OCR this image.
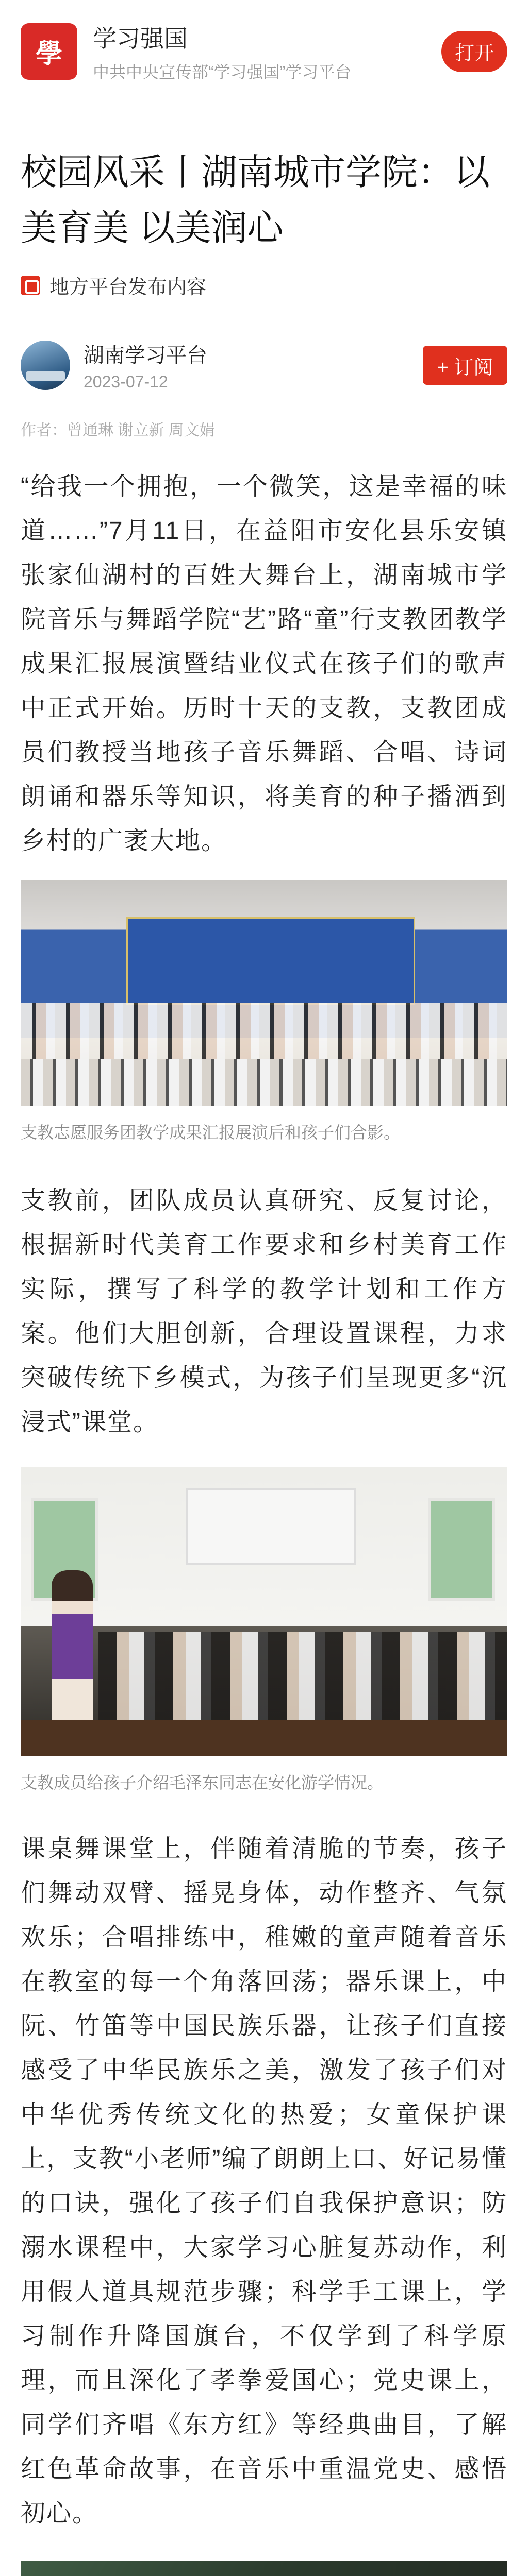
學
学习强国
中共中央宣传部“学习强国”学习平台
打开
校园风采丨湖南城市学院：以美育美 以美润心
地方平台发布内容
湖南学习平台
2023-07-12
+ 订阅
作者：曾通琳 谢立新 周文娟

“给我一个拥抱，一个微笑，这是幸福的味道……”7月11日，在益阳市安化县乐安镇张家仙湖村的百姓大舞台上，湖南城市学院音乐与舞蹈学院“艺”路“童”行支教团教学成果汇报展演暨结业仪式在孩子们的歌声中正式开始。历时十天的支教，支教团成员们教授当地孩子音乐舞蹈、合唱、诗词朗诵和器乐等知识，将美育的种子播洒到乡村的广袤大地。

支教志愿服务团教学成果汇报展演后和孩子们合影。

支教前，团队成员认真研究、反复讨论，根据新时代美育工作要求和乡村美育工作实际，撰写了科学的教学计划和工作方案。他们大胆创新，合理设置课程，力求突破传统下乡模式，为孩子们呈现更多“沉浸式”课堂。

支教成员给孩子介绍毛泽东同志在安化游学情况。

课桌舞课堂上，伴随着清脆的节奏，孩子们舞动双臂、摇晃身体，动作整齐、气氛欢乐；合唱排练中，稚嫩的童声随着音乐在教室的每一个角落回荡；器乐课上，中阮、竹笛等中国民族乐器，让孩子们直接感受了中华民族乐之美，激发了孩子们对中华优秀传统文化的热爱；女童保护课上，支教“小老师”编了朗朗上口、好记易懂的口诀，强化了孩子们自我保护意识；防溺水课程中，大家学习心脏复苏动作，利用假人道具规范步骤；科学手工课上，学习制作升降国旗台，不仅学到了科学原理，而且深化了孝拳爱国心；党史课上，同学们齐唱《东方红》等经典曲目，了解红色革命故事，在音乐中重温党史、感悟初心。
